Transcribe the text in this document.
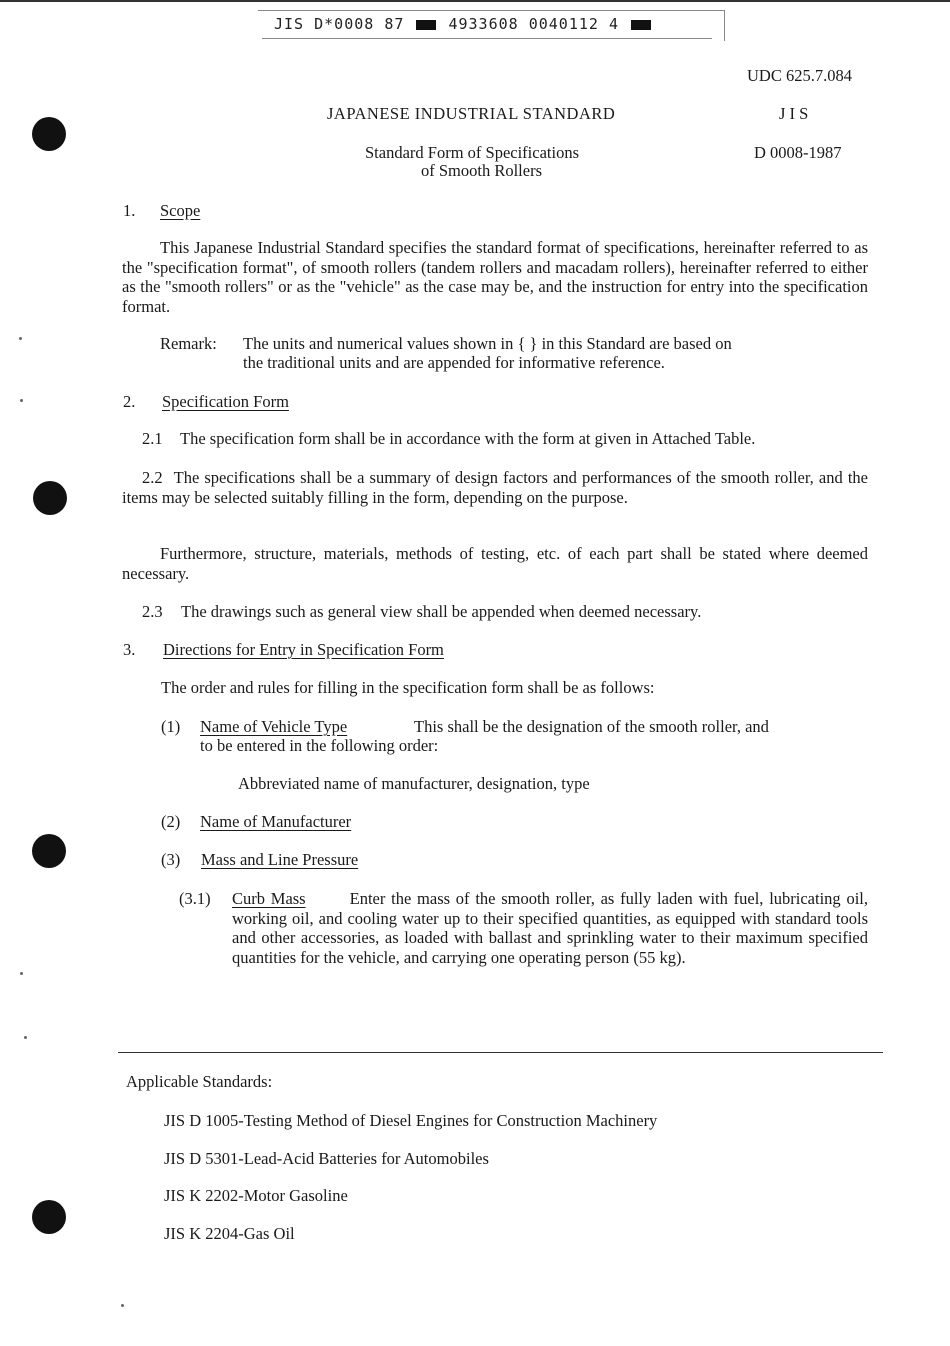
JIS D*0008 87	4933608 0040112 4
UDC 625.7.084
JAPANESE INDUSTRIAL STANDARD	J I S
Standard Form of Specifications
of Smooth Rollers
D 0008-1987
1. Scope
This Japanese Industrial Standard specifies the standard format of specifications, hereinafter referred to as the "specification format", of smooth rollers (tandem rollers and macadam rollers), hereinafter referred to either as the "smooth rollers" or as the "vehicle" as the case may be, and the instruction for entry into the specification format.
Remark: The units and numerical values shown in { } in this Standard are based on
the traditional units and are appended for informative reference.
2. Specification Form
2.1 The specification form shall be in accordance with the form at given in Attached Table.
2.2 The specifications shall be a summary of design factors and performances of the smooth roller, and the items may be selected suitably filling in the form, depending on the purpose.
Furthermore, structure, materials, methods of testing, etc. of each part shall be stated where deemed necessary.
2.3 The drawings such as general view shall be appended when deemed necessary.
3. Directions for Entry in Specification Form
The order and rules for filling in the specification form shall be as follows:
(1) Name of Vehicle Type	This shall be the designation of the smooth roller, and
to be entered in the following order:
Abbreviated name of manufacturer, designation, type
(2) Name of Manufacturer
(3) Mass and Line Pressure
(3.1) Curb Mass	Enter the mass of the smooth roller, as fully laden with fuel, lubricating oil, working oil, and cooling water up to their specified quantities, as equipped with standard tools and other accessories, as loaded with ballast and sprinkling water to their maximum specified quantities for the vehicle, and carrying one operating person (55 kg).
Applicable Standards:
JIS D 1005-Testing Method of Diesel Engines for Construction Machinery
JIS D 5301-Lead-Acid Batteries for Automobiles
JIS K 2202-Motor Gasoline
JIS K 2204-Gas Oil
